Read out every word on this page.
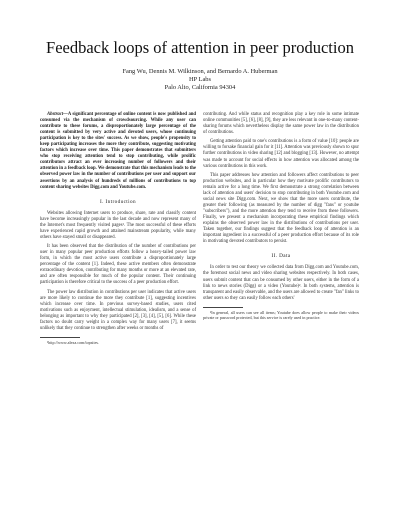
Feedback loops of attention in peer production
Fang Wu, Dennis M. Wilkinson, and Bernardo A. Huberman
HP Labs
Palo Alto, California 94304

Abstract—A significant percentage of online content is now published and consumed via the mechanism of crowdsourcing. While any user can contribute to these forums, a disproportionately large percentage of the content is submitted by very active and devoted users, whose continuing participation is key to the sites' success. As we show, people's propensity to keep participating increases the more they contribute, suggesting motivating factors which increase over time. This paper demonstrates that submitters who stop receiving attention tend to stop contributing, while prolific contributors attract an ever increasing number of followers and their attention in a feedback loop. We demonstrate that this mechanism leads to the observed power law in the number of contributions per user and support our assertions by an analysis of hundreds of millions of contributions to top content sharing websites Digg.com and Youtube.com.

I. Introduction

Websites allowing Internet users to produce, share, rate and classify content have become increasingly popular in the last decade and now represent many of the Internet's most frequently visited pages¹. The most successful of these efforts have experienced rapid growth and attained mainstream popularity, while many others have stayed small or disappeared.

It has been observed that the distribution of the number of contributions per user in many popular peer production efforts follow a heavy-tailed power law form, in which the most active users contribute a disproportionately large percentage of the content [1]. Indeed, these active members often demonstrate extraordinary devotion, contributing for many months or more at an elevated rate, and are often responsible for much of the popular content. Their continuing participation is therefore critical to the success of a peer production effort.

The power law distribution in contributions per user indicates that active users are more likely to continue the more they contribute [1], suggesting incentives which increase over time. In previous survey-based studies, users cited motivations such as enjoyment, intellectual stimulation, idealism, and a sense of belonging as important to why they participated [2], [3], [4], [5], [6]. While these factors no doubt carry weight in a complex way for many users [7], it seems unlikely that they continue to strengthen after weeks or months of

¹http://www.alexa.com/topsites.

contributing. And while status and recognition play a key role in some intimate online communities [5], [6], [8], [9], they are less relevant in one-to-many content-sharing forums which nevertheless display the same power law in the distribution of contributions.

Getting attention paid to one's contributions is a form of value [10]: people are willing to forsake financial gain for it [11]. Attention was previously shown to spur further contributions in video sharing [12] and blogging [13]. However, no attempt was made to account for social effects in how attention was allocated among the various contributions in this work.

This paper addresses how attention and followers affect contributions to peer production websites, and in particular how they motivate prolific contributors to remain active for a long time. We first demonstrate a strong correlation between lack of attention and users' decision to stop contributing in both Youtube.com and social news site Digg.com. Next, we show that the more users contribute, the greater their following (as measured by the number of digg "fans" or youtube "subscribers"), and the more attention they tend to receive from these followers. Finally, we present a mechanism incorporating these empirical findings which explains the observed power law in the distributions of contributions per user. Taken together, our findings suggest that the feedback loop of attention is an important ingredient in a successful of a peer production effort because of its role in motivating devoted contributors to persist.

II. Data

In order to test our theory we collected data from Digg.com and Youtube.com, the foremost social news and video sharing websites respectively. In both cases, users submit content that can be consumed by other users, either in the form of a link to news stories (Digg) or a video (Youtube)². In both systems, attention is transparent and easily observable, and the users are allowed to create "fan" links to other users so they can easily follow each others'

²In general, all users can see all items; Youtube does allow people to make their videos private or password protected, but this service is rarely used in practice.
